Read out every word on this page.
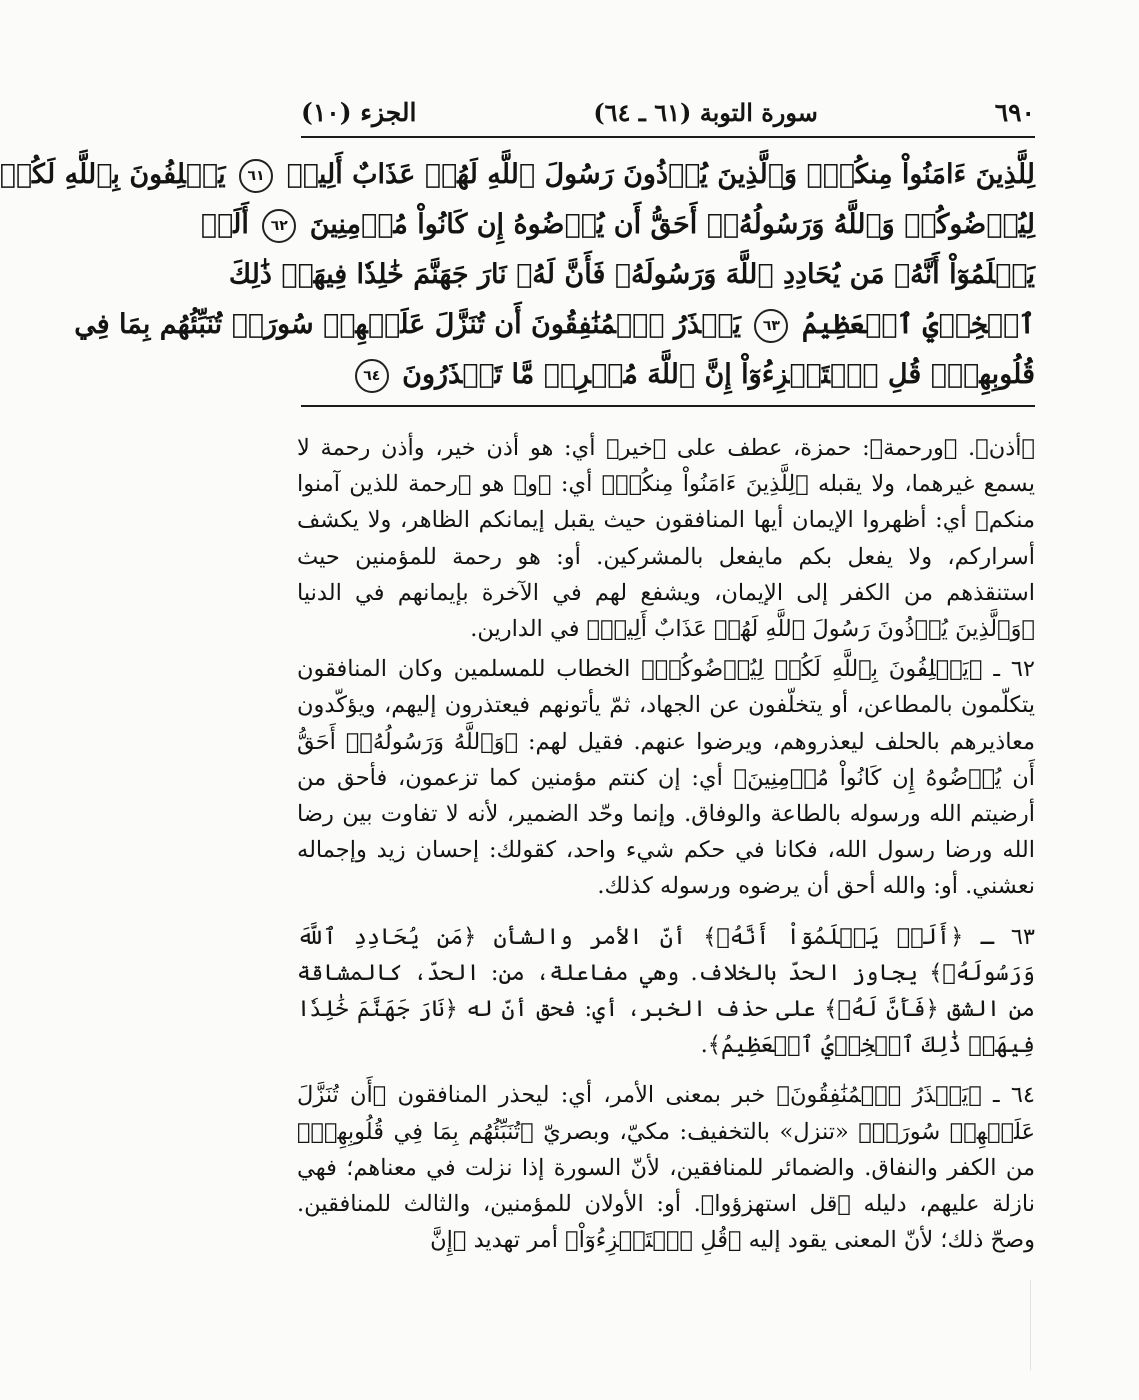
٦٩٠
سورة التوبة (٦١ ـ ٦٤)
الجزء (١٠)
لِلَّذِينَ ءَامَنُواْ مِنكُمْۚ وَٱلَّذِينَ يُؤۡذُونَ رَسُولَ ٱللَّهِ لَهُمۡ عَذَابٌ أَلِيمٞ ٦١ يَحۡلِفُونَ بِٱللَّهِ لَكُمۡ
لِيُرۡضُوكُمۡ وَٱللَّهُ وَرَسُولُهُۥٓ أَحَقُّ أَن يُرۡضُوهُ إِن كَانُواْ مُؤۡمِنِينَ ٦٢ أَلَمۡ
يَعۡلَمُوٓاْ أَنَّهُۥ مَن يُحَادِدِ ٱللَّهَ وَرَسُولَهُۥ فَأَنَّ لَهُۥ نَارَ جَهَنَّمَ خَٰلِدٗا فِيهَاۚ ذَٰلِكَ
ٱلۡخِزۡيُ ٱلۡعَظِيمُ ٦٣ يَحۡذَرُ ٱلۡمُنَٰفِقُونَ أَن تُنَزَّلَ عَلَيۡهِمۡ سُورَةٞ تُنَبِّئُهُم بِمَا فِي
قُلُوبِهِمۡۚ قُلِ ٱسۡتَهۡزِءُوٓاْ إِنَّ ٱللَّهَ مُخۡرِجٞ مَّا تَحۡذَرُونَ ٦٤

﴿أذن﴾. ﴿ورحمة﴾: حمزة، عطف على ﴿خير﴾ أي: هو أذن خير، وأذن رحمة لا يسمع غيرهما، ولا يقبله ﴿لِلَّذِينَ ءَامَنُواْ مِنكُمۡ﴾ أي: ﴿و﴾ هو ﴿رحمة للذين آمنوا منكم﴾ أي: أظهروا الإيمان أيها المنافقون حيث يقبل إيمانكم الظاهر، ولا يكشف أسراركم، ولا يفعل بكم مايفعل بالمشركين. أو: هو رحمة للمؤمنين حيث استنقذهم من الكفر إلى الإيمان، ويشفع لهم في الآخرة بإيمانهم في الدنيا ﴿وَٱلَّذِينَ يُؤۡذُونَ رَسُولَ ٱللَّهِ لَهُمۡ عَذَابٌ أَلِيمٞ﴾ في الدارين.

٦٢ ـ ﴿يَحۡلِفُونَ بِٱللَّهِ لَكُمۡ لِيُرۡضُوكُمۡ﴾ الخطاب للمسلمين وكان المنافقون يتكلّمون بالمطاعن، أو يتخلّفون عن الجهاد، ثمّ يأتونهم فيعتذرون إليهم، ويؤكّدون معاذيرهم بالحلف ليعذروهم، ويرضوا عنهم. فقيل لهم: ﴿وَٱللَّهُ وَرَسُولُهُۥٓ أَحَقُّ أَن يُرۡضُوهُ إِن كَانُواْ مُؤۡمِنِينَ﴾ أي: إن كنتم مؤمنين كما تزعمون، فأحق من أرضيتم الله ورسوله بالطاعة والوفاق. وإنما وحّد الضمير، لأنه لا تفاوت بين رضا الله ورضا رسول الله، فكانا في حكم شيء واحد، كقولك: إحسان زيد وإجماله نعشني. أو: والله أحق أن يرضوه ورسوله كذلك.

٦٣ ـ ﴿أَلَمۡ يَعۡلَمُوٓاْ أَنَّهُۥ﴾ أنّ الأمر والشأن ﴿مَن يُحَادِدِ ٱللَّهَ وَرَسُولَهُۥ﴾ يجاوز الحدّ بالخلاف. وهي مفاعلة، من: الحدّ، كالمشاقة من الشق ﴿فَأَنَّ لَهُۥ﴾ على حذف الخبر، أي: فحق أنّ له ﴿نَارَ جَهَنَّمَ خَٰلِدٗا فِيهَاۚ ذَٰلِكَ ٱلۡخِزۡيُ ٱلۡعَظِيمُ﴾.

٦٤ ـ ﴿يَحۡذَرُ ٱلۡمُنَٰفِقُونَ﴾ خبر بمعنى الأمر، أي: ليحذر المنافقون ﴿أَن تُنَزَّلَ عَلَيۡهِمۡ سُورَةٞ﴾ «تنزل» بالتخفيف: مكيّ، وبصريّ ﴿تُنَبِّئُهُم بِمَا فِي قُلُوبِهِمۡ﴾ من الكفر والنفاق. والضمائر للمنافقين، لأنّ السورة إذا نزلت في معناهم؛ فهي نازلة عليهم، دليله ﴿قل استهزؤوا﴾. أو: الأولان للمؤمنين، والثالث للمنافقين. وصحّ ذلك؛ لأنّ المعنى يقود إليه ﴿قُلِ ٱسۡتَهۡزِءُوٓاْ﴾ أمر تهديد ﴿إِنَّ
